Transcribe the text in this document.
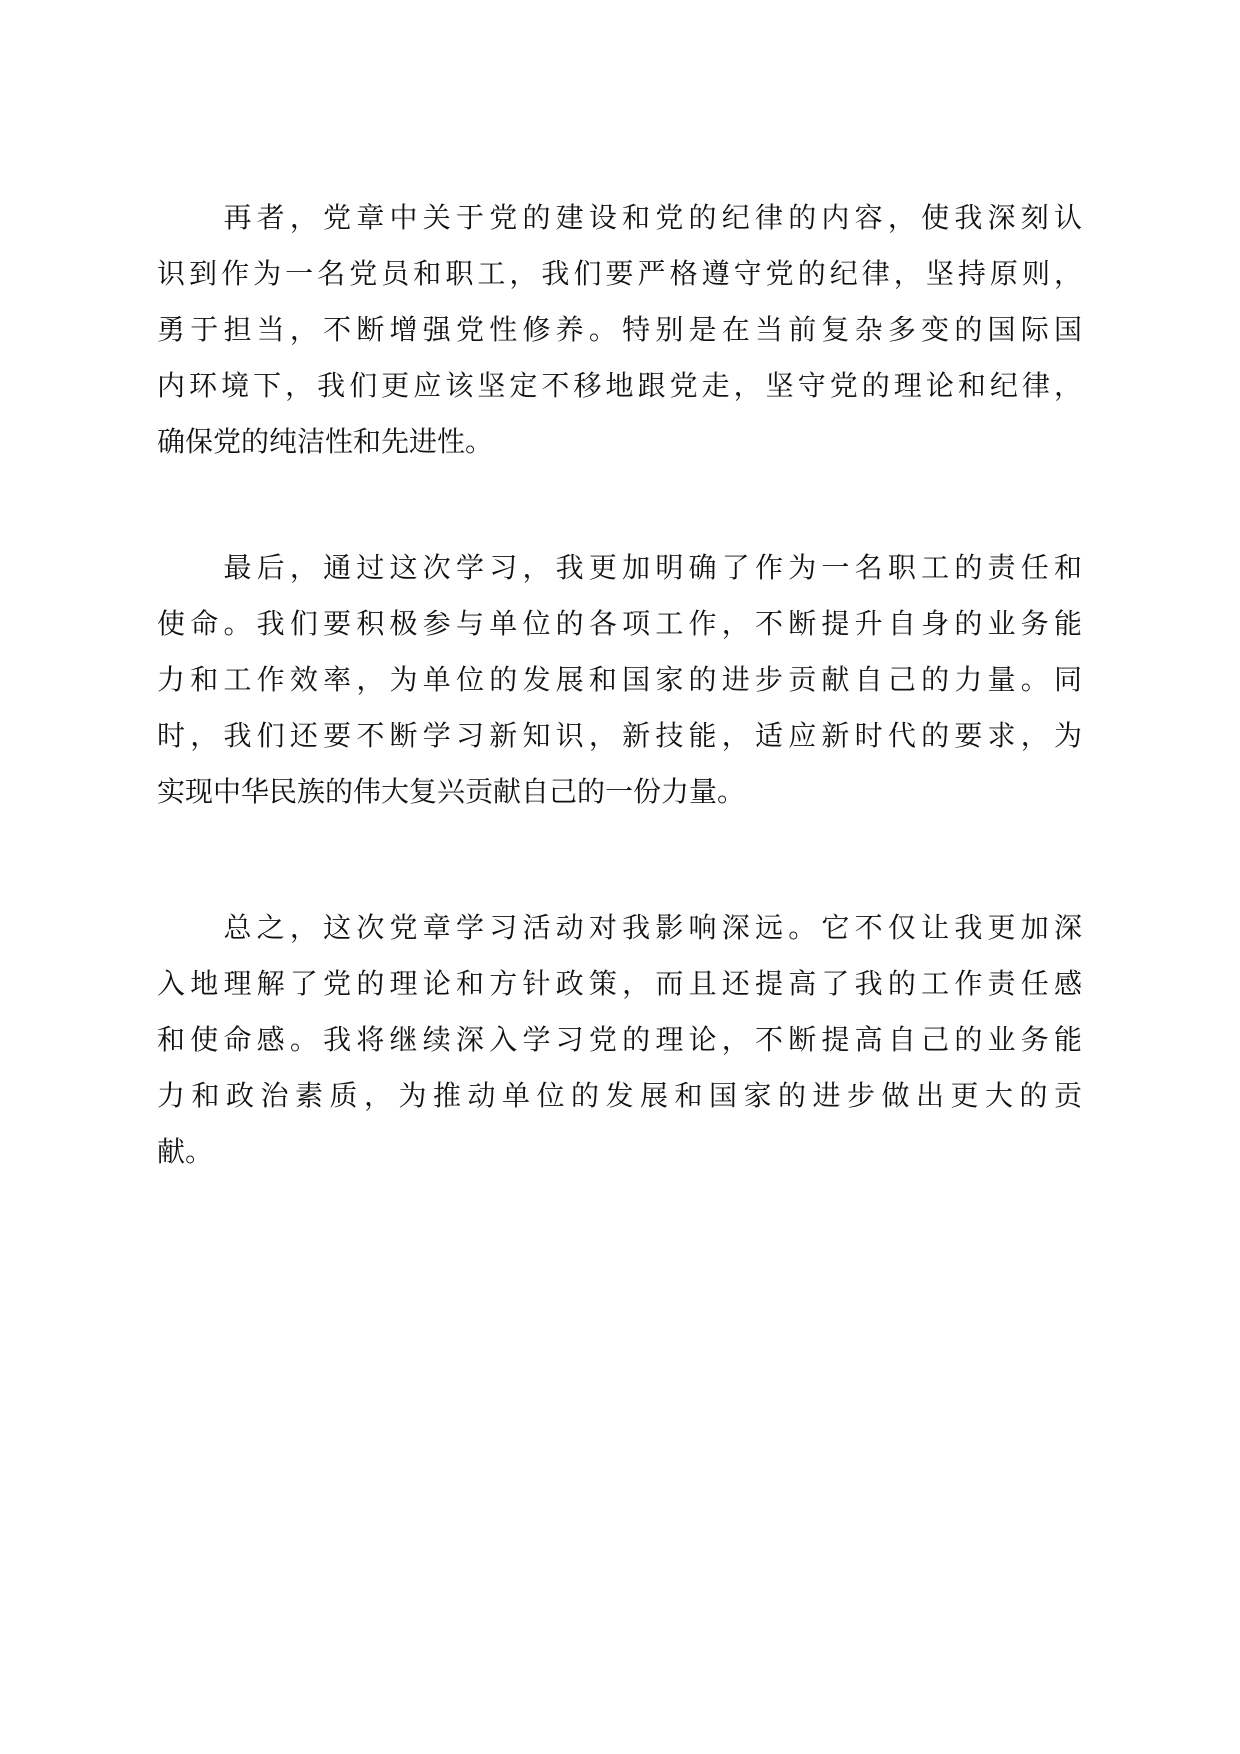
　　再者，党章中关于党的建设和党的纪律的内容，使我深刻认
识到作为一名党员和职工，我们要严格遵守党的纪律，坚持原则，
勇于担当，不断增强党性修养。特别是在当前复杂多变的国际国
内环境下，我们更应该坚定不移地跟党走，坚守党的理论和纪律，
确保党的纯洁性和先进性。
　　最后，通过这次学习，我更加明确了作为一名职工的责任和
使命。我们要积极参与单位的各项工作，不断提升自身的业务能
力和工作效率，为单位的发展和国家的进步贡献自己的力量。同
时，我们还要不断学习新知识，新技能，适应新时代的要求，为
实现中华民族的伟大复兴贡献自己的一份力量。
　　总之，这次党章学习活动对我影响深远。它不仅让我更加深
入地理解了党的理论和方针政策，而且还提高了我的工作责任感
和使命感。我将继续深入学习党的理论，不断提高自己的业务能
力和政治素质，为推动单位的发展和国家的进步做出更大的贡
献。
